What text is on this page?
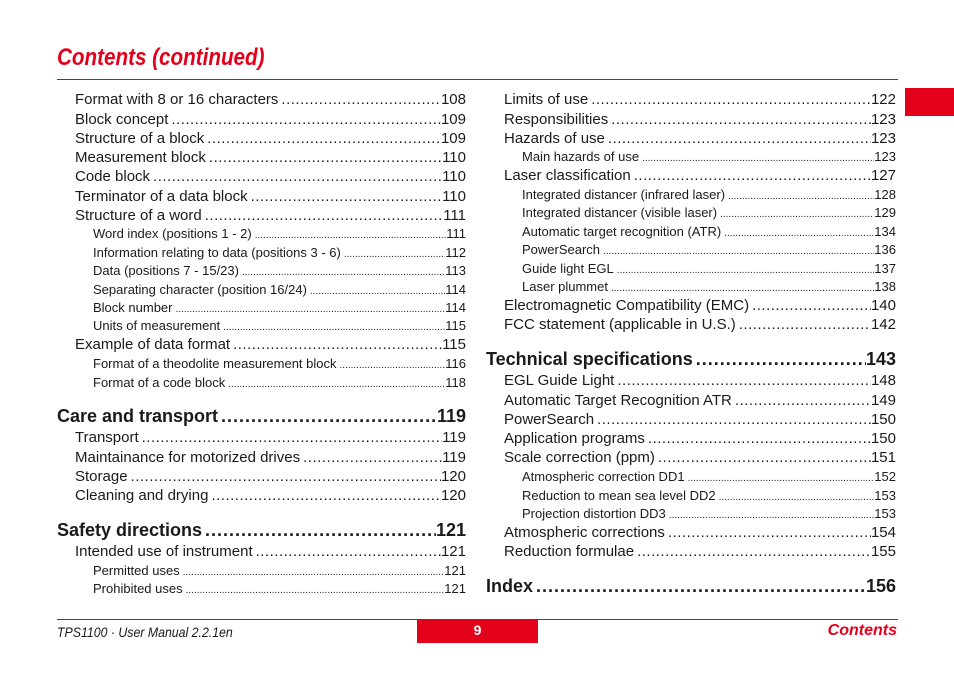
Contents (continued)
Format with 8 or 16 characters .....	108
Block concept .....	109
Structure of a block .....	109
Measurement block .....	110
Code block .....	110
Terminator of a data block .....	110
Structure of a word .....	111
Word index (positions 1 - 2) .....	111
Information relating to data (positions 3 - 6) .....	112
Data (positions 7 - 15/23) .....	113
Separating character (position 16/24) .....	114
Block number .....	114
Units of measurement .....	115
Example of data format .....	115
Format of a theodolite measurement block .....	116
Format of a code block .....	118
Care and transport .....	119
Transport .....	119
Maintainance for motorized drives .....	119
Storage .....	120
Cleaning and drying .....	120
Safety directions .....	121
Intended use of instrument .....	121
Permitted uses .....	121
Prohibited uses .....	121
Limits of use .....	122
Responsibilities .....	123
Hazards of use .....	123
Main hazards of use .....	123
Laser classification .....	127
Integrated distancer (infrared laser) .....	128
Integrated distancer (visible laser) .....	129
Automatic target recognition (ATR) .....	134
PowerSearch .....	136
Guide light EGL .....	137
Laser plummet .....	138
Electromagnetic Compatibility (EMC) .....	140
FCC statement (applicable in U.S.) .....	142
Technical specifications .....	143
EGL Guide Light .....	148
Automatic Target Recognition ATR .....	149
PowerSearch .....	150
Application programs .....	150
Scale correction (ppm) .....	151
Atmospheric correction DD1 .....	152
Reduction to mean sea level DD2 .....	153
Projection distortion DD3 .....	153
Atmospheric corrections .....	154
Reduction formulae .....	155
Index .....	156
TPS1100 · User Manual 2.2.1en	9	Contents
